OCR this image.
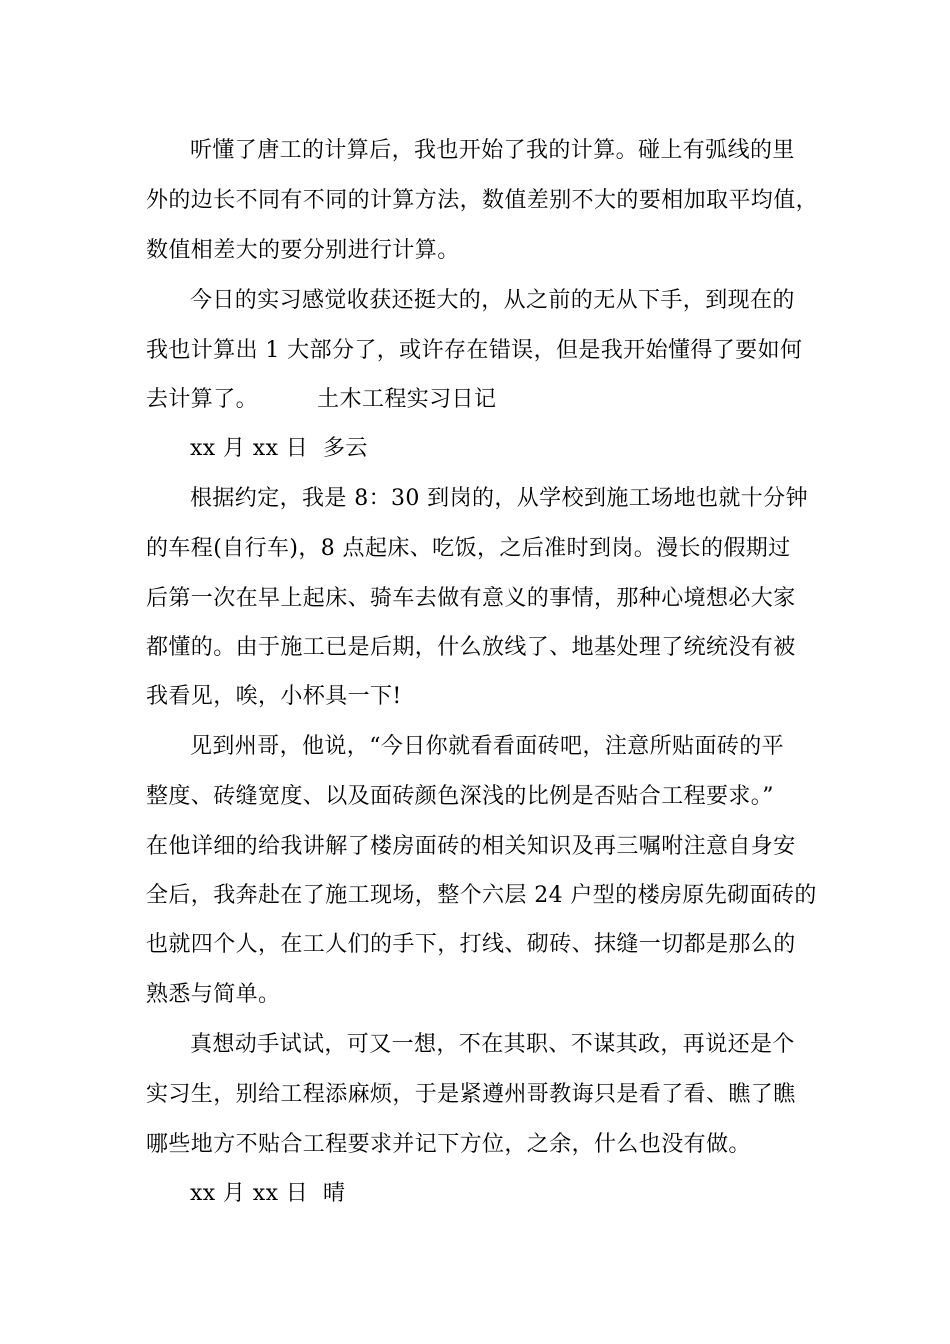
听懂了唐工的计算后，我也开始了我的计算。碰上有弧线的里
外的边长不同有不同的计算方法，数值差别不大的要相加取平均值，
数值相差大的要分别进行计算。
今日的实习感觉收获还挺大的，从之前的无从下手，到现在的
我也计算出 1 大部分了，或许存在错误，但是我开始懂得了要如何
去计算了。        土木工程实习日记
xx 月 xx 日  多云
根据约定，我是 8：30 到岗的，从学校到施工场地也就十分钟
的车程(自行车)，8 点起床、吃饭，之后准时到岗。漫长的假期过
后第一次在早上起床、骑车去做有意义的事情，那种心境想必大家
都懂的。由于施工已是后期，什么放线了、地基处理了统统没有被
我看见，唉，小杯具一下!
见到州哥，他说，“今日你就看看面砖吧，注意所贴面砖的平
整度、砖缝宽度、以及面砖颜色深浅的比例是否贴合工程要求。”
在他详细的给我讲解了楼房面砖的相关知识及再三嘱咐注意自身安
全后，我奔赴在了施工现场，整个六层 24 户型的楼房原先砌面砖的
也就四个人，在工人们的手下，打线、砌砖、抹缝一切都是那么的
熟悉与简单。
真想动手试试，可又一想，不在其职、不谋其政，再说还是个
实习生，别给工程添麻烦，于是紧遵州哥教诲只是看了看、瞧了瞧
哪些地方不贴合工程要求并记下方位，之余，什么也没有做。
xx 月 xx 日  晴
